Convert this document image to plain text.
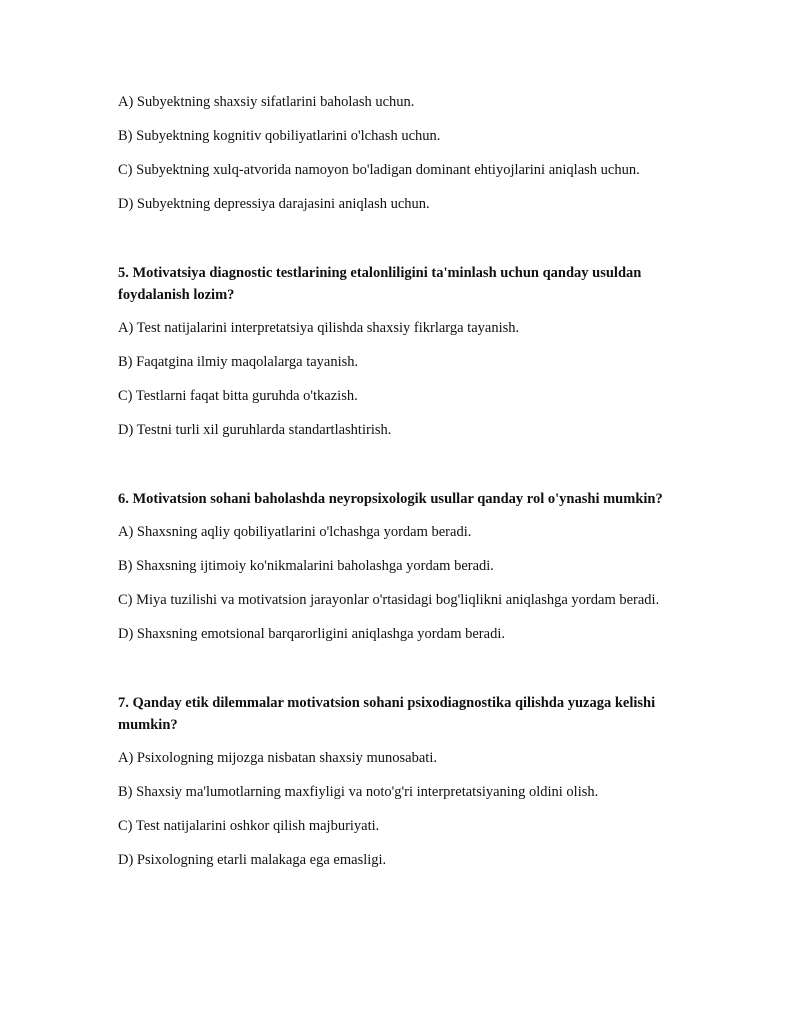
A) Subyektning shaxsiy sifatlarini baholash uchun.

B) Subyektning kognitiv qobiliyatlarini o'lchash uchun.

C) Subyektning xulq-atvorida namoyon bo'ladigan dominant ehtiyojlarini aniqlash uchun.

D) Subyektning depressiya darajasini aniqlash uchun.

5. Motivatsiya diagnostic testlarining etalonliligini ta'minlash uchun qanday usuldan foydalanish lozim?

A) Test natijalarini interpretatsiya qilishda shaxsiy fikrlarga tayanish.

B) Faqatgina ilmiy maqolalarga tayanish.

C) Testlarni faqat bitta guruhda o'tkazish.

D) Testni turli xil guruhlarda standartlashtirish.

6. Motivatsion sohani baholashda neyropsixologik usullar qanday rol o'ynashi mumkin?

A) Shaxsning aqliy qobiliyatlarini o'lchashga yordam beradi.

B) Shaxsning ijtimoiy ko'nikmalarini baholashga yordam beradi.

C) Miya tuzilishi va motivatsion jarayonlar o'rtasidagi bog'liqlikni aniqlashga yordam beradi.

D) Shaxsning emotsional barqarorligini aniqlashga yordam beradi.

7. Qanday etik dilemmalar motivatsion sohani psixodiagnostika qilishda yuzaga kelishi mumkin?

A) Psixologning mijozga nisbatan shaxsiy munosabati.

B) Shaxsiy ma'lumotlarning maxfiyligi va noto'g'ri interpretatsiyaning oldini olish.

C) Test natijalarini oshkor qilish majburiyati.

D) Psixologning etarli malakaga ega emasligi.
